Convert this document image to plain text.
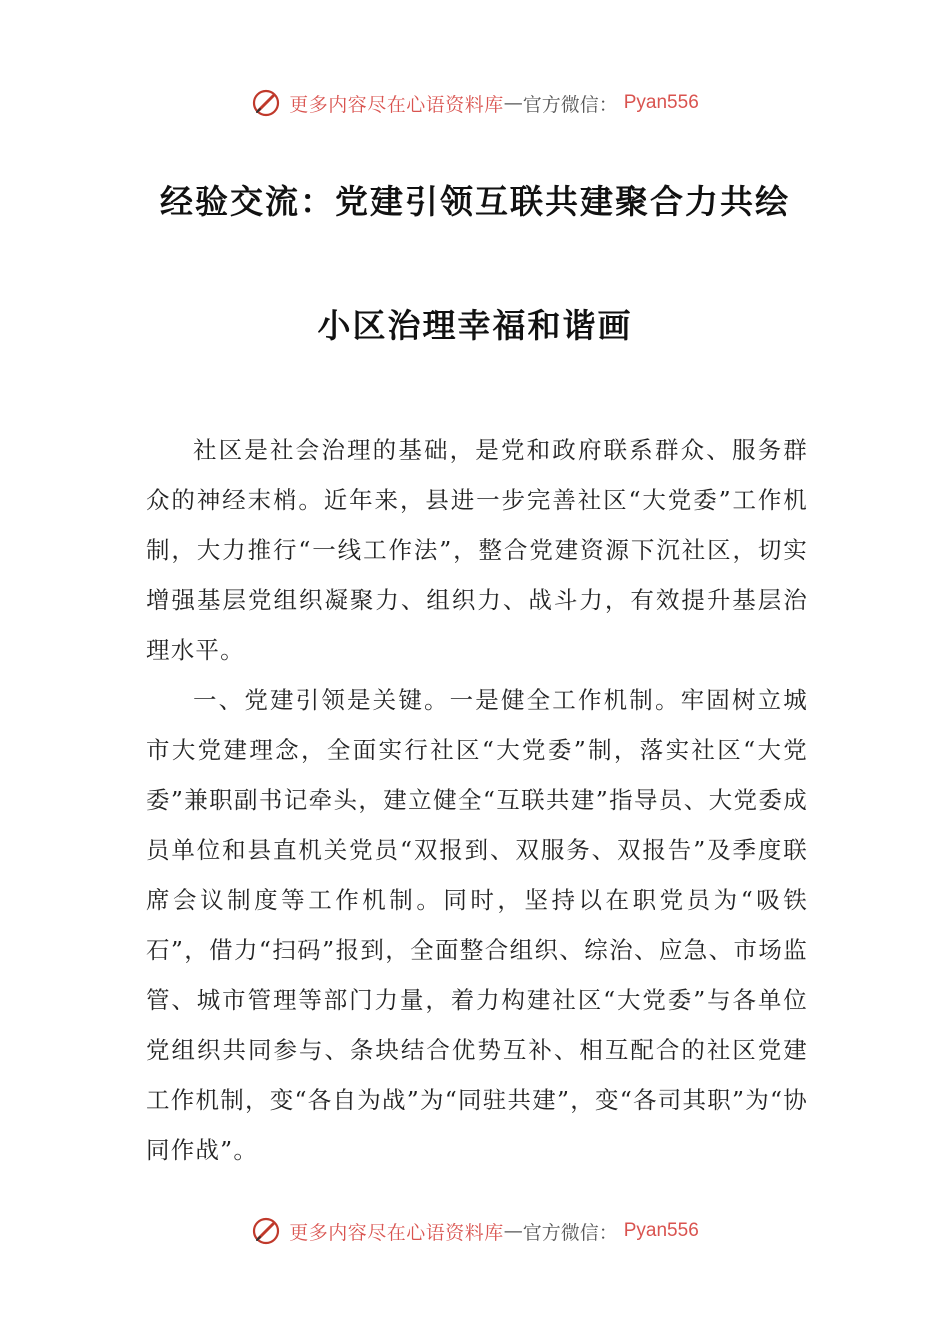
更多内容尽在心语资料库 — 官方微信： Pyan556
经验交流：党建引领互联共建聚合力共绘
小区治理幸福和谐画

社区是社会治理的基础，是党和政府联系群众、服务群众的神经末梢。近年来，县进一步完善社区“大党委”工作机制，大力推行“一线工作法”，整合党建资源下沉社区，切实增强基层党组织凝聚力、组织力、战斗力，有效提升基层治理水平。

一、党建引领是关键。一是健全工作机制。牢固树立城市大党建理念，全面实行社区“大党委”制，落实社区“大党委”兼职副书记牵头，建立健全“互联共建”指导员、大党委成员单位和县直机关党员“双报到、双服务、双报告”及季度联席会议制度等工作机制。同时，坚持以在职党员为“吸铁石”，借力“扫码”报到，全面整合组织、综治、应急、市场监管、城市管理等部门力量，着力构建社区“大党委”与各单位党组织共同参与、条块结合优势互补、相互配合的社区党建工作机制，变“各自为战”为“同驻共建”，变“各司其职”为“协同作战”。

更多内容尽在心语资料库 — 官方微信： Pyan556
